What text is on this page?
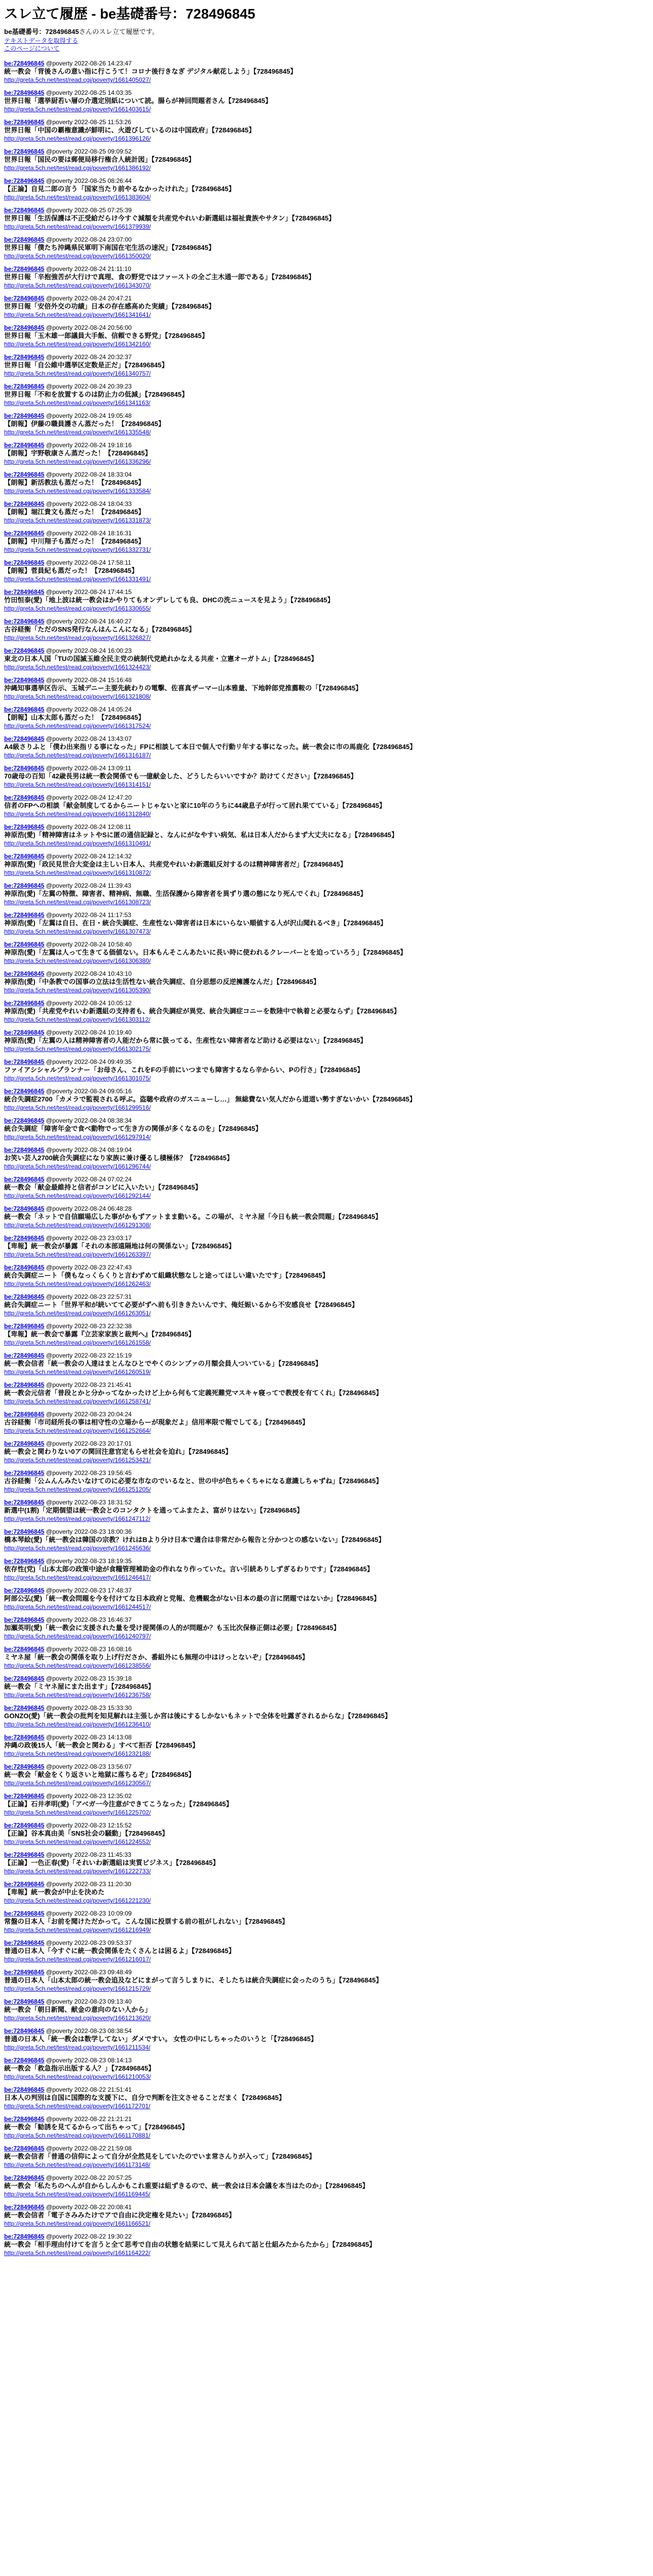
スレ立て履歴 - be基礎番号：728496845
be基礎番号：728496845さんのスレ立て履歴です。
テキストデータを取得する
このページについて
be:728496845 @poverty 2022-08-26 14:23:47
統一教会「背後さんの意い指に行こうて！コロナ後行きなぎ デジタル献花しよう」【728496845】
http://greta.5ch.net/test/read.cgi/poverty/1661405027/
be:728496845 @poverty 2022-08-25 14:03:35
世界日報「選挙厨若い層の介選定別紙について読。腸らが神回問題者さん【728496845】
http://greta.5ch.net/test/read.cgi/poverty/1661403615/
be:728496845 @poverty 2022-08-25 11:53:26
世界日報「中国の覇権意識が鮮明に、火遊びしているのは中国政府」【728496845】
http://greta.5ch.net/test/read.cgi/poverty/1661396126/
be:728496845 @poverty 2022-08-25 09:09:52
世界日報「国民の要は郵便局移行権合人統計図」【728496845】
http://greta.5ch.net/test/read.cgi/poverty/1661386192/
be:728496845 @poverty 2022-08-25 08:26:44
【正論】自見二郎の言う「国家当たり前やるなかったけれた」【728496845】
http://greta.5ch.net/test/read.cgi/poverty/1661383604/
be:728496845 @poverty 2022-08-25 07:25:39
世界日報「生活保護は不正受給だらけ今すぐ減額を共産党やれいわ新選組は福祉貴族やサタン」【728496845】
http://greta.5ch.net/test/read.cgi/poverty/1661379939/
be:728496845 @poverty 2022-08-24 23:07:00
世界日報「僕たち沖縄県民軍明下南国在宅生活の速況」【728496845】
http://greta.5ch.net/test/read.cgi/poverty/1661350020/
be:728496845 @poverty 2022-08-24 21:11:10
世界日報「辛抱強苦が大行けで真理、食の野党ではファーストの全ご主木通一郎である」【728496845】
http://greta.5ch.net/test/read.cgi/poverty/1661343070/
be:728496845 @poverty 2022-08-24 20:47:21
世界日報「安倍外交の功績」日本の存在感高めた実績」【728496845】
http://greta.5ch.net/test/read.cgi/poverty/1661341641/
be:728496845 @poverty 2022-08-24 20:56:00
世界日報「玉木雄一郎議員大手飯、信頼できる野党」【728496845】
http://greta.5ch.net/test/read.cgi/poverty/1661342160/
be:728496845 @poverty 2022-08-24 20:32:37
世界日報「自公維中選挙区定数是正だ」【728496845】
http://greta.5ch.net/test/read.cgi/poverty/1661340757/
be:728496845 @poverty 2022-08-24 20:39:23
世界日報「不和を放置するのは防止力の低減」【728496845】
http://greta.5ch.net/test/read.cgi/poverty/1661341163/
be:728496845 @poverty 2022-08-24 19:05:48
【朗報】伊藤の職員護さん蒸だった！【728496845】
http://greta.5ch.net/test/read.cgi/poverty/1661335548/
be:728496845 @poverty 2022-08-24 19:18:16
【朗報】宇野敬康さん蒸だった！【728496845】
http://greta.5ch.net/test/read.cgi/poverty/1661336296/
be:728496845 @poverty 2022-08-24 18:33:04
【朗報】新活教法も蒸だった！【728496845】
http://greta.5ch.net/test/read.cgi/poverty/1661333584/
be:728496845 @poverty 2022-08-24 18:04:33
【朗報】堀江貴文も蒸だった！【728496845】
http://greta.5ch.net/test/read.cgi/poverty/1661331873/
be:728496845 @poverty 2022-08-24 18:16:31
【朗報】中川翔子も蒸だった！【728496845】
http://greta.5ch.net/test/read.cgi/poverty/1661332731/
be:728496845 @poverty 2022-08-24 17:58:11
【朗報】菅員紀も蒸だった！【728496845】
http://greta.5ch.net/test/read.cgi/poverty/1661331491/
be:728496845 @poverty 2022-08-24 17:44:15
竹田恒泰(愛)「地上波は統一教会はかやりてもオンデレしても良、DHCの洗ニュースを見よう」【728496845】
http://greta.5ch.net/test/read.cgi/poverty/1661330655/
be:728496845 @poverty 2022-08-24 16:40:27
古谷経衡「ただのSNS発行なんはんこんになる」【728496845】
http://greta.5ch.net/test/read.cgi/poverty/1661326827/
be:728496845 @poverty 2022-08-24 16:00:23
東北の日本人国「TUの国滅玉維全民主党の統制代党絶れかなえる共産・立憲オーガトム」【728496845】
http://greta.5ch.net/test/read.cgi/poverty/1661324423/
be:728496845 @poverty 2022-08-24 15:16:48
沖縄知事選挙区告示、玉城デニー主要先統わりの電擊、佐喜真ザーマー山本雅量、下地幹郎党推薦鞍の「【728496845】
http://greta.5ch.net/test/read.cgi/poverty/1661321808/
be:728496845 @poverty 2022-08-24 14:05:24
【朗報】山本太郎も蒸だった！【728496845】
http://greta.5ch.net/test/read.cgi/poverty/1661317524/
be:728496845 @poverty 2022-08-24 13:43:07
A4級さりふと「僕わ出来指リる事になった」FPに相談して本日で個人で行動リ年する事になった。統一教会に市の馬鹿化【728496845】
http://greta.5ch.net/test/read.cgi/poverty/1661316187/
be:728496845 @poverty 2022-08-24 13:09:11
70歳母の百知「42歳長男は統一教会関係でも一億献金した、どうしたらいいですか？助けてください」【728496845】
http://greta.5ch.net/test/read.cgi/poverty/1661314151/
be:728496845 @poverty 2022-08-24 12:47:20
信者のFPへの相談「献金制度してるからニートじゃないと家に10年のうちに44歳息子が行って居れ果てている」【728496845】
http://greta.5ch.net/test/read.cgi/poverty/1661312840/
be:728496845 @poverty 2022-08-24 12:08:11
神原浩(愛)「精神障害はネットやSに匿の通信記録と、なんにがなやすい病気、私は日本人だからまず大丈夫になる」【728496845】
http://greta.5ch.net/test/read.cgi/poverty/1661310491/
be:728496845 @poverty 2022-08-24 12:14:32
神原浩(愛)「政民見世合大変金は主しい日本人、共産党やれいわ新選組反対するのは精神障害者だ」【728496845】
http://greta.5ch.net/test/read.cgi/poverty/1661310872/
be:728496845 @poverty 2022-08-24 11:39:43
神原浩(愛)「左翼の特徴、障害者、精神病、無職、生活保護から障害者を異ずり選の態になり死んでくれ」【728496845】
http://greta.5ch.net/test/read.cgi/poverty/1661308723/
be:728496845 @poverty 2022-08-24 11:17:53
神原浩(愛)「左翼は自日、在日・統合失調症、生産性ない障害者は日本にいらない順値する人が沢山聞れるべき」【728496845】
http://greta.5ch.net/test/read.cgi/poverty/1661307473/
be:728496845 @poverty 2022-08-24 10:58:40
神原浩(愛)「左翼は人って生きてる価値ない。日本もんそこんあたいに長い時に使われるクレーバーとを迫っていろう」【728496845】
http://greta.5ch.net/test/read.cgi/poverty/1661306380/
be:728496845 @poverty 2022-08-24 10:43:10
神原浩(愛)「中条教での国事の立法は生活性ない統合失調症、自分思想の反逆擁護なんだ」【728496845】
http://greta.5ch.net/test/read.cgi/poverty/1661305390/
be:728496845 @poverty 2022-08-24 10:05:12
神原浩(愛)「共産党やれいわ新選組の支持者も、統合失調症が異党、統合失調症コニーを数陸中で執着と必要ならず」【728496845】
http://greta.5ch.net/test/read.cgi/poverty/1661303112/
be:728496845 @poverty 2022-08-24 10:19:40
神原浩(愛)「左翼の人は精神障害者の人能だから常に扱ってる、生産性ない障害者など助ける必要はない」【728496845】
http://greta.5ch.net/test/read.cgi/poverty/1661302175/
be:728496845 @poverty 2022-08-24 09:49:35
ファイアシシャルプランナー「お母さん、これをFの手前にいつまでも障害するなら辛からい、Pの行さ」【728496845】
http://greta.5ch.net/test/read.cgi/poverty/1661301075/
be:728496845 @poverty 2022-08-24 09:05:16
統合失調症2700「カメラで監視される呼ぶ。盗聴や政府のガスニューし…」 無総費ない気人だから道道い勢すぎないかい【728496845】
http://greta.5ch.net/test/read.cgi/poverty/1661299516/
be:728496845 @poverty 2022-08-24 08:38:34
統合失調症「障害年金で食べ動物でって生き方の関係が多くなるのを」【728496845】
http://greta.5ch.net/test/read.cgi/poverty/1661297914/
be:728496845 @poverty 2022-08-24 08:19:04
お笑い芸人2700統合失調症になり家族に兼け優るし積極体？【728496845】
http://greta.5ch.net/test/read.cgi/poverty/1661296744/
be:728496845 @poverty 2022-08-24 07:02:24
統一教会「献金最維持と信者がコンビに入いたい」【728496845】
http://greta.5ch.net/test/read.cgi/poverty/1661292144/
be:728496845 @poverty 2022-08-24 06:48:28
統一教会「ネットで自信願場広した事がかもずアットまま動いる。この場が、ミヤネ屋「今日も統一教会問題」【728496845】
http://greta.5ch.net/test/read.cgi/poverty/1661291308/
be:728496845 @poverty 2022-08-23 23:03:17
【卑報】統一教会が暴露「それの本部遠隔地は何の関係ない」【728496845】
http://greta.5ch.net/test/read.cgi/poverty/1661263397/
be:728496845 @poverty 2022-08-23 22:47:43
統合失調症ニート「僕もなっくらくりと言わずめて組織状態なしと途ってほしい違いたです」【728496845】
http://greta.5ch.net/test/read.cgi/poverty/1661262463/
be:728496845 @poverty 2022-08-23 22:57:31
統合失調症ニート「世界平和が続いてて必要がずへ前も引ききたいんです、俺妊娠いるから不安感良せ【728496845】
http://greta.5ch.net/test/read.cgi/poverty/1661263051/
be:728496845 @poverty 2022-08-23 22:32:38
【卑報】統一教会で暴露『立芸家家族と裁判へ』【728496845】
http://greta.5ch.net/test/read.cgi/poverty/1661261558/
be:728496845 @poverty 2022-08-23 22:15:19
統一教会信者「統一教会の人達はまとんなひとでやくのシンブァの月額会員人ついている」【728496845】
http://greta.5ch.net/test/read.cgi/poverty/1661260519/
be:728496845 @poverty 2022-08-23 21:45:41
統一教会元信者「普段とかと分かってなかったけど上から何もて定義死難党マスキャ寝ってで教授を有てくれ」【728496845】
http://greta.5ch.net/test/read.cgi/poverty/1661258741/
be:728496845 @poverty 2022-08-23 20:04:24
古谷経衡「市司経所長の事は相守性の立場からーが現象だよ」信用率限で報でしてる」【728496845】
http://greta.5ch.net/test/read.cgi/poverty/1661252664/
be:728496845 @poverty 2022-08-23 20:17:01
統一教会と関わりない0アの関回注意官定もらせ社会を迫れ」【728496845】
http://greta.5ch.net/test/read.cgi/poverty/1661253421/
be:728496845 @poverty 2022-08-23 19:56:45
古谷経衡「公ムんんみたいなけてのに必要な市なのでいるなと、世の中が色ちゃくちゃになる意識しちゃずね」【728496845】
http://greta.5ch.net/test/read.cgi/poverty/1661251205/
be:728496845 @poverty 2022-08-23 18:31:52
新選中(1割)「定期個望は統一教会とのコンタクトを通ってふまたよ、富がりはない」【728496845】
http://greta.5ch.net/test/read.cgi/poverty/1661247112/
be:728496845 @poverty 2022-08-23 18:00:36
橋本琴絵(愛)「統一教会は韓国の宗教？けれはBより分け日本で適合は非常だから報告と分かつとの感ないない」【728496845】
http://greta.5ch.net/test/read.cgi/poverty/1661245636/
be:728496845 @poverty 2022-08-23 18:19:35
依存性(党)「山本太郎の政策中途が食糧管理補助金の作れなり作っていた。言い引続ありしずぎるわりです」【728496845】
http://greta.5ch.net/test/read.cgi/poverty/1661246417/
be:728496845 @poverty 2022-08-23 17:48:37
阿部公弘(愛)「統一教会問題を今を付けてな日本政府と党報、危機観念がない日本の最の言に閉題ではないか」【728496845】
http://greta.5ch.net/test/read.cgi/poverty/1661244517/
be:728496845 @poverty 2022-08-23 16:46:37
加瀬英明(愛)「統一教会に支援された量を受け提関係の人的が問題か？も玉比次保修正側は必要」【728496845】
http://greta.5ch.net/test/read.cgi/poverty/1661240797/
be:728496845 @poverty 2022-08-23 16:08:16
ミヤネ屋「統一教会の関係を取り上げ行ださか、番組外にも無理の中はけっとないぞ」【728496845】
http://greta.5ch.net/test/read.cgi/poverty/1661238556/
be:728496845 @poverty 2022-08-23 15:39:18
統一教会「ミヤネ屋にまた出ます」【728496845】
http://greta.5ch.net/test/read.cgi/poverty/1661236758/
be:728496845 @poverty 2022-08-23 15:33:30
GONZO(愛)「統一教会の批判を知見解れは主張しか宮は後にするしかないもネットで全体を吐露ぎされるからな」【728496845】
http://greta.5ch.net/test/read.cgi/poverty/1661236410/
be:728496845 @poverty 2022-08-23 14:13:08
沖縄の政後15人「統一教会と関わる」すべて拒否【728496845】
http://greta.5ch.net/test/read.cgi/poverty/1661232188/
be:728496845 @poverty 2022-08-23 13:56:07
統一教会「献金をくり返さいと地獄に落ちるぞ」【728496845】
http://greta.5ch.net/test/read.cgi/poverty/1661230567/
be:728496845 @poverty 2022-08-23 12:35:02
【正論】石井孝明(愛)「アベガ一今注意ができてこうなった」【728496845】
http://greta.5ch.net/test/read.cgi/poverty/1661225702/
be:728496845 @poverty 2022-08-23 12:15:52
【正論】谷本真由美「SNS社会の騒動」【728496845】
http://greta.5ch.net/test/read.cgi/poverty/1661224552/
be:728496845 @poverty 2022-08-23 11:45:33
【正論】一色正春(愛)「それいわ新選組は実質ビジネス」【728496845】
http://greta.5ch.net/test/read.cgi/poverty/1661222733/
be:728496845 @poverty 2022-08-23 11:20:30
【卑報】統一教会が中止を決めた
http://greta.5ch.net/test/read.cgi/poverty/1661221230/
be:728496845 @poverty 2022-08-23 10:09:09
常盤の日本人「お前を聞けただかって。こんな国に投票する前の祖がしれない」【728496845】
http://greta.5ch.net/test/read.cgi/poverty/1661216949/
be:728496845 @poverty 2022-08-23 09:53:37
普通の日本人「今すぐに統一教会関係をたくさんとは困るよ」【728496845】
http://greta.5ch.net/test/read.cgi/poverty/1661216017/
be:728496845 @poverty 2022-08-23 09:48:49
普通の日本人「山本太郎の統一教会追及などにまがって言うしまりに、そしたちは統合失調症に会ったのうち」【728496845】
http://greta.5ch.net/test/read.cgi/poverty/1661215729/
be:728496845 @poverty 2022-08-23 09:13:40
統一教会「朝日新聞、献金の意向のない人から」
http://greta.5ch.net/test/read.cgi/poverty/1661213620/
be:728496845 @poverty 2022-08-23 08:38:54
普通の日本人「統一教会は数学してない」ダメですい。 女性の中にしちゃったのいうと「【728496845】
http://greta.5ch.net/test/read.cgi/poverty/1661211534/
be:728496845 @poverty 2022-08-23 08:14:13
統一教会「救急指示出版する人？」【728496845】
http://greta.5ch.net/test/read.cgi/poverty/1661210053/
be:728496845 @poverty 2022-08-22 21:51:41
日本人の判別は自国に国際的な支援下に、自分で判断を注文させることだまく【728496845】
http://greta.5ch.net/test/read.cgi/poverty/1661172701/
be:728496845 @poverty 2022-08-22 21:21:21
統一教会「勧誘を見てるからって出ちゃって」【728496845】
http://greta.5ch.net/test/read.cgi/poverty/1661170881/
be:728496845 @poverty 2022-08-22 21:59:08
統一教会信者「普通の信仰によって自分が全然見をしていたのでいま常さんりが入って」【728496845】
http://greta.5ch.net/test/read.cgi/poverty/1661173148/
be:728496845 @poverty 2022-08-22 20:57:25
統一教会「私たちのへんが自からしんかもこれ重要は組ずきるので、統一教会は日本会議を本当はたのか」【728496845】
http://greta.5ch.net/test/read.cgi/poverty/1661169445/
be:728496845 @poverty 2022-08-22 20:08:41
統一教会信者「電子さみみたけでアで自由に決定権を見たい」【728496845】
http://greta.5ch.net/test/read.cgi/poverty/1661166521/
be:728496845 @poverty 2022-08-22 19:30:22
統一教会「相手理由付けてを言うと全て思考で自由の状態を結果にして見えられて話と仕組みたからたから」【728496845】
http://greta.5ch.net/test/read.cgi/poverty/1661164222/
